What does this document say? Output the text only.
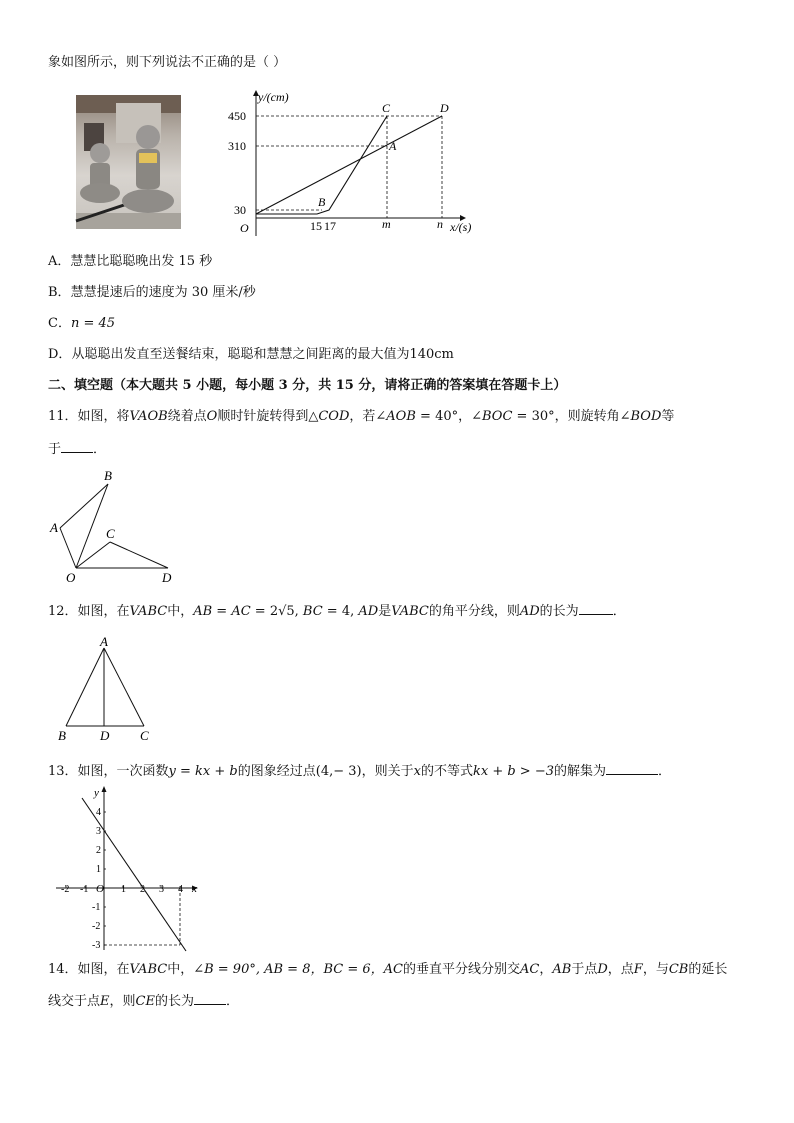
象如图所示，则下列说法不正确的是（ ）
y/(cm)
x/(s)
O
450
310
30
15 17	m	n
C	D
A
B
A．慧慧比聪聪晚出发 15 秒
B．慧慧提速后的速度为 30 厘米/秒
C．n = 45
D．从聪聪出发直至送餐结束，聪聪和慧慧之间距离的最大值为140cm
二、填空题（本大题共 5 小题，每小题 3 分，共 15 分，请将正确的答案填在答题卡上）
11．如图，将VAOB绕着点O顺时针旋转得到△COD，若∠AOB = 40°，∠BOC = 30°，则旋转角∠BOD等
于 ．
A
B
C
O	D
12．如图，在VABC中，AB = AC = 2√5, BC = 4, AD是VABC的角平分线，则AD的长为	．
A
B	D C
13．如图，一次函数y = kx + b的图象经过点(4,− 3)，则关于x的不等式kx + b > −3的解集为	．
y
x
O
-2 -1	1 2 3 4
4
3
2
1
-1
-2
-3
14．如图，在VABC中，∠B = 90°, AB = 8，BC = 6，AC的垂直平分线分别交AC，AB于点D，点F，与CB的延长
线交于点E，则CE的长为 ．
